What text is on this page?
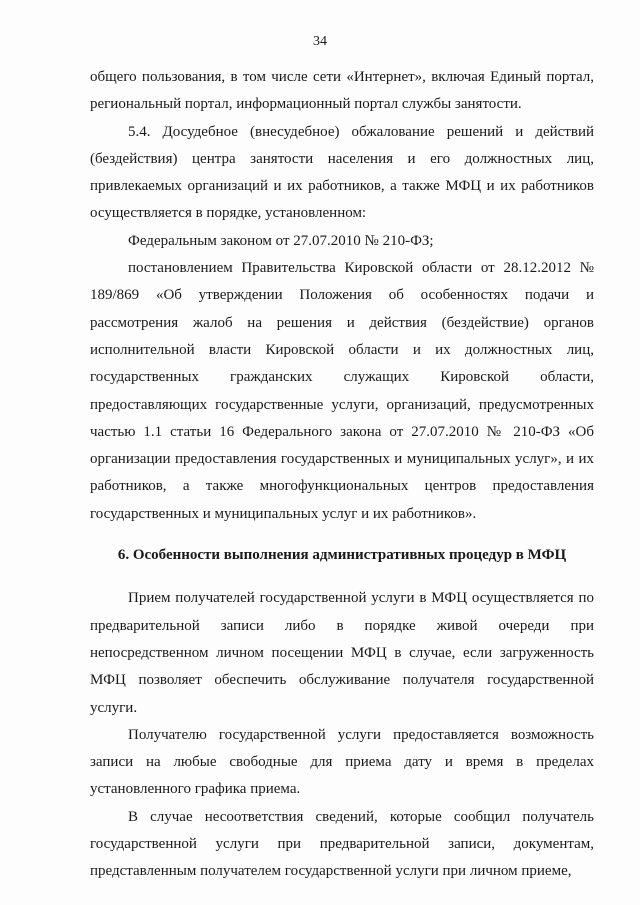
34

общего пользования, в том числе сети «Интернет», включая Единый портал, региональный портал, информационный портал службы занятости.

5.4. Досудебное (внесудебное) обжалование решений и действий (бездействия) центра занятости населения и его должностных лиц, привлекаемых организаций и их работников, а также МФЦ и их работников осуществляется в порядке, установленном:

Федеральным законом от 27.07.2010 № 210-ФЗ;

постановлением Правительства Кировской области от 28.12.2012 № 189/869 «Об утверждении Положения об особенностях подачи и рассмотрения жалоб на решения и действия (бездействие) органов исполнительной власти Кировской области и их должностных лиц, государственных гражданских служащих Кировской области, предоставляющих государственные услуги, организаций, предусмотренных частью 1.1 статьи 16 Федерального закона от 27.07.2010 № 210-ФЗ «Об организации предоставления государственных и муниципальных услуг», и их работников, а также многофункциональных центров предоставления государственных и муниципальных услуг и их работников».

6. Особенности выполнения административных процедур в МФЦ

Прием получателей государственной услуги в МФЦ осуществляется по предварительной записи либо в порядке живой очереди при непосредственном личном посещении МФЦ в случае, если загруженность МФЦ позволяет обеспечить обслуживание получателя государственной услуги.

Получателю государственной услуги предоставляется возможность записи на любые свободные для приема дату и время в пределах установленного графика приема.

В случае несоответствия сведений, которые сообщил получатель государственной услуги при предварительной записи, документам, представленным получателем государственной услуги при личном приеме,
